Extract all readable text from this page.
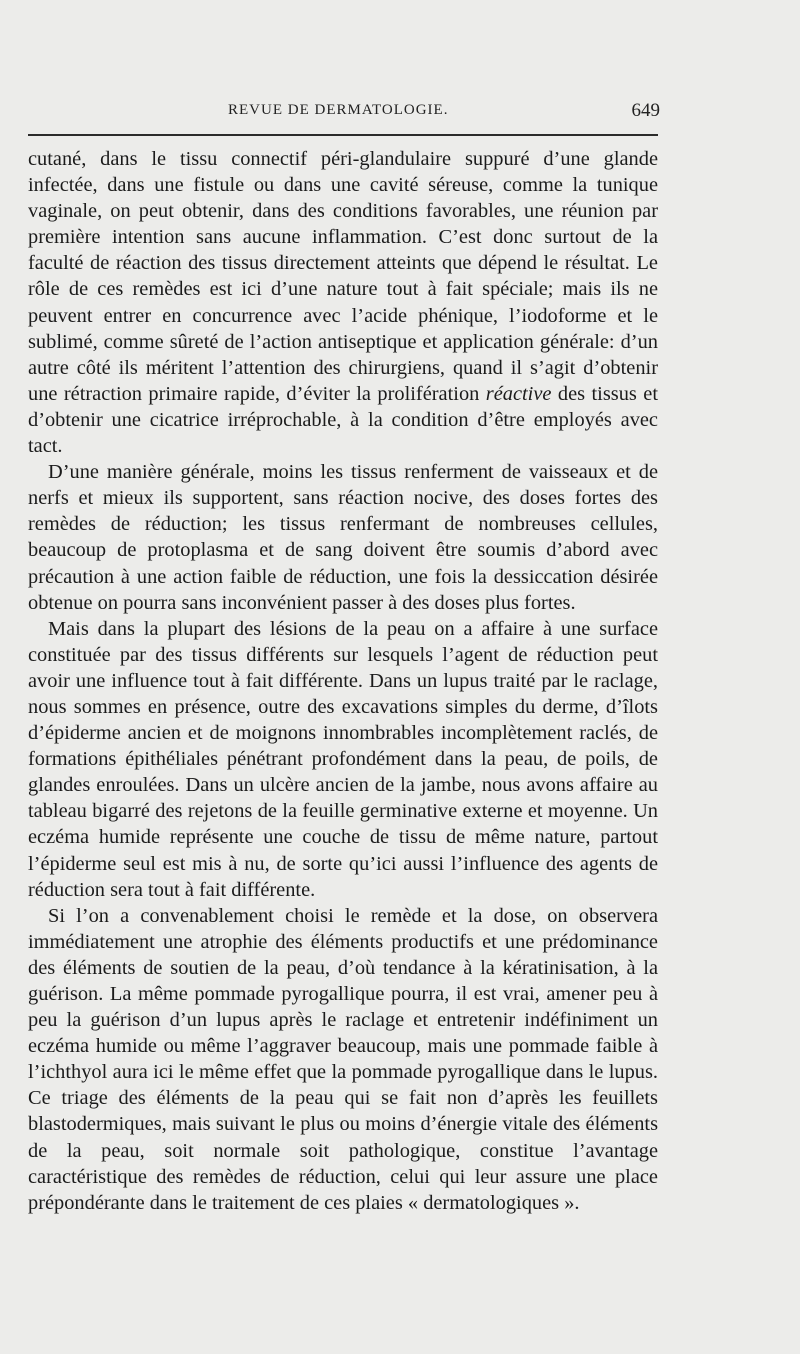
REVUE DE DERMATOLOGIE.	649

cutané, dans le tissu connectif péri-glandulaire suppuré d’une glande infectée, dans une fistule ou dans une cavité séreuse, comme la tunique vaginale, on peut obtenir, dans des conditions favorables, une réunion par première intention sans aucune inflammation. C’est donc surtout de la faculté de réaction des tissus directement atteints que dépend le résultat. Le rôle de ces remèdes est ici d’une nature tout à fait spéciale; mais ils ne peuvent entrer en concurrence avec l’acide phénique, l’iodoforme et le sublimé, comme sûreté de l’action antiseptique et application générale: d’un autre côté ils méritent l’attention des chirurgiens, quand il s’agit d’obtenir une rétraction primaire rapide, d’éviter la prolifération réactive des tissus et d’obtenir une cicatrice irréprochable, à la condition d’être employés avec tact.

D’une manière générale, moins les tissus renferment de vaisseaux et de nerfs et mieux ils supportent, sans réaction nocive, des doses fortes des remèdes de réduction; les tissus renfermant de nombreuses cellules, beaucoup de protoplasma et de sang doivent être soumis d’abord avec précaution à une action faible de réduction, une fois la dessiccation désirée obtenue on pourra sans inconvénient passer à des doses plus fortes.

Mais dans la plupart des lésions de la peau on a affaire à une surface constituée par des tissus différents sur lesquels l’agent de réduction peut avoir une influence tout à fait différente. Dans un lupus traité par le raclage, nous sommes en présence, outre des excavations simples du derme, d’îlots d’épiderme ancien et de moignons innombrables incomplètement raclés, de formations épithéliales pénétrant profondément dans la peau, de poils, de glandes enroulées. Dans un ulcère ancien de la jambe, nous avons affaire au tableau bigarré des rejetons de la feuille germinative externe et moyenne. Un eczéma humide représente une couche de tissu de même nature, partout l’épiderme seul est mis à nu, de sorte qu’ici aussi l’influence des agents de réduction sera tout à fait différente.

Si l’on a convenablement choisi le remède et la dose, on observera immédiatement une atrophie des éléments productifs et une prédominance des éléments de soutien de la peau, d’où tendance à la kératinisation, à la guérison. La même pommade pyrogallique pourra, il est vrai, amener peu à peu la guérison d’un lupus après le raclage et entretenir indéfiniment un eczéma humide ou même l’aggraver beaucoup, mais une pommade faible à l’ichthyol aura ici le même effet que la pommade pyrogallique dans le lupus. Ce triage des éléments de la peau qui se fait non d’après les feuillets blastodermiques, mais suivant le plus ou moins d’énergie vitale des éléments de la peau, soit normale soit pathologique, constitue l’avantage caractéristique des remèdes de réduction, celui qui leur assure une place prépondérante dans le traitement de ces plaies « dermatologiques ».
